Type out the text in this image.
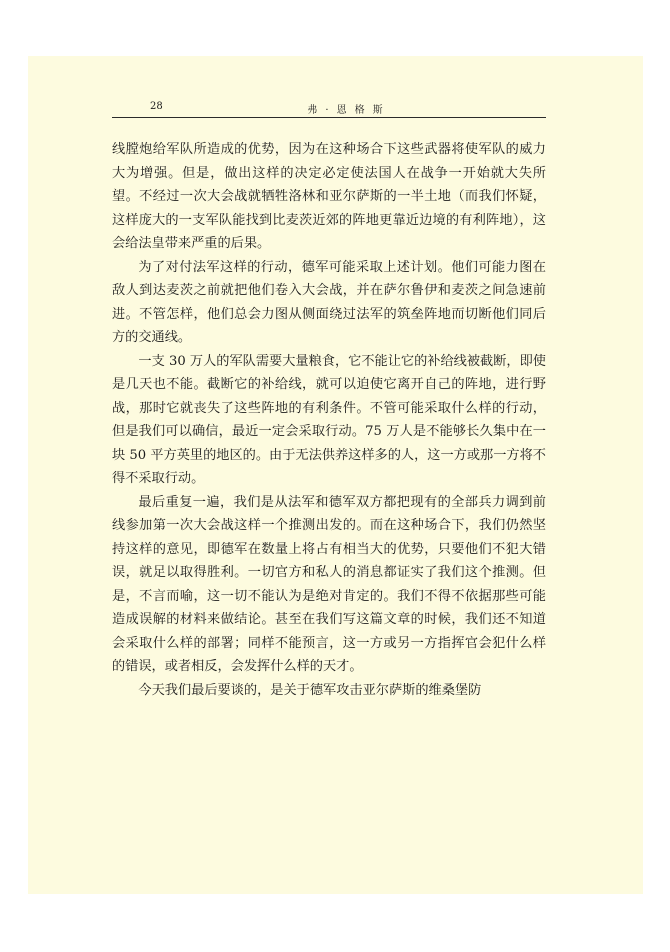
28	弗·恩格斯

线膛炮给军队所造成的优势，因为在这种场合下这些武器将使军队的威力大为增强。但是，做出这样的决定必定使法国人在战争一开始就大失所望。不经过一次大会战就牺牲洛林和亚尔萨斯的一半土地（而我们怀疑，这样庞大的一支军队能找到比麦茨近郊的阵地更靠近边境的有利阵地），这会给法皇带来严重的后果。

为了对付法军这样的行动，德军可能采取上述计划。他们可能力图在敌人到达麦茨之前就把他们卷入大会战，并在萨尔鲁伊和麦茨之间急速前进。不管怎样，他们总会力图从侧面绕过法军的筑垒阵地而切断他们同后方的交通线。

一支 30 万人的军队需要大量粮食，它不能让它的补给线被截断，即使是几天也不能。截断它的补给线，就可以迫使它离开自己的阵地，进行野战，那时它就丧失了这些阵地的有利条件。不管可能采取什么样的行动，但是我们可以确信，最近一定会采取行动。75 万人是不能够长久集中在一块 50 平方英里的地区的。由于无法供养这样多的人，这一方或那一方将不得不采取行动。

最后重复一遍，我们是从法军和德军双方都把现有的全部兵力调到前线参加第一次大会战这样一个推测出发的。而在这种场合下，我们仍然坚持这样的意见，即德军在数量上将占有相当大的优势，只要他们不犯大错误，就足以取得胜利。一切官方和私人的消息都证实了我们这个推测。但是，不言而喻，这一切不能认为是绝对肯定的。我们不得不依据那些可能造成误解的材料来做结论。甚至在我们写这篇文章的时候，我们还不知道会采取什么样的部署；同样不能预言，这一方或另一方指挥官会犯什么样的错误，或者相反，会发挥什么样的天才。

今天我们最后要谈的，是关于德军攻击亚尔萨斯的维桑堡防
